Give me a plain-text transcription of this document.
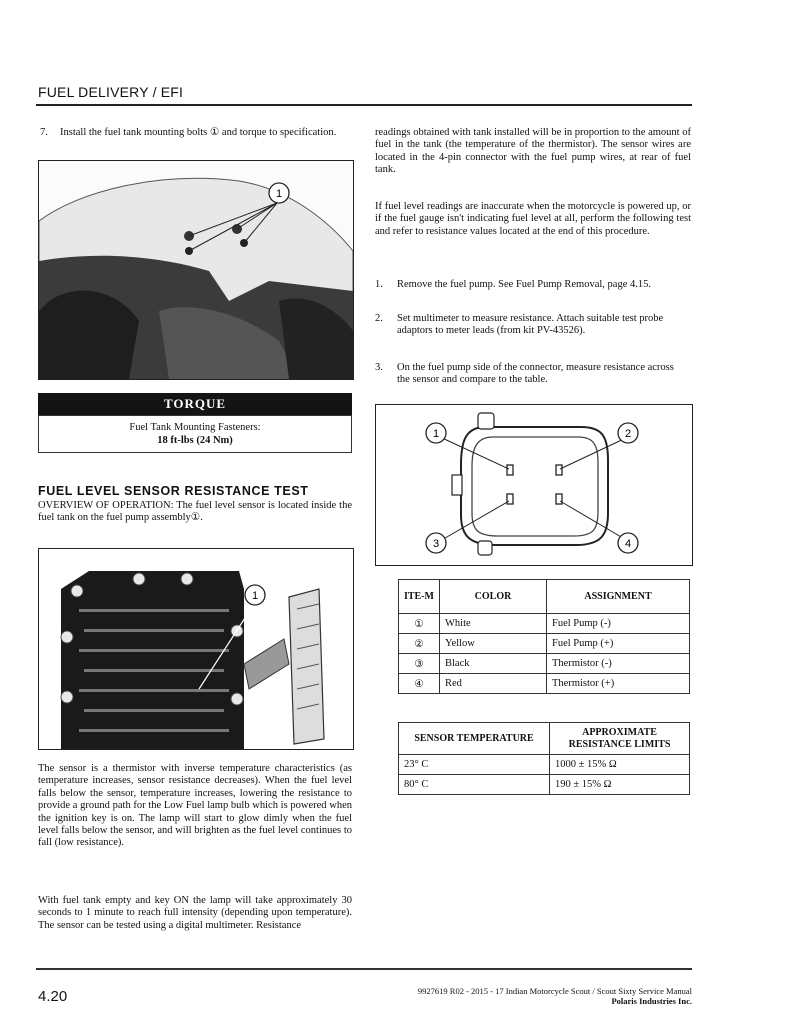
FUEL DELIVERY / EFI
7. Install the fuel tank mounting bolts ① and torque to specification.
1
TORQUE
Fuel Tank Mounting Fasteners:
18 ft-lbs (24 Nm)
FUEL LEVEL SENSOR RESISTANCE TEST
OVERVIEW OF OPERATION: The fuel level sensor is located inside the fuel tank on the fuel pump assembly①.
1
The sensor is a thermistor with inverse temperature characteristics (as temperature increases, sensor resistance decreases). When the fuel level falls below the sensor, temperature increases, lowering the resistance to provide a ground path for the Low Fuel lamp bulb which is powered when the ignition key is on. The lamp will start to glow dimly when the fuel level falls below the sensor, and will brighten as the fuel level continues to fall (low resistance).
With fuel tank empty and key ON the lamp will take approximately 30 seconds to 1 minute to reach full intensity (depending upon temperature). The sensor can be tested using a digital multimeter. Resistance
readings obtained with tank installed will be in proportion to the amount of fuel in the tank (the temperature of the thermistor). The sensor wires are located in the 4-pin connector with the fuel pump wires, at rear of fuel tank.
If fuel level readings are inaccurate when the motorcycle is powered up, or if the fuel gauge isn't indicating fuel level at all, perform the following test and refer to resistance values located at the end of this procedure.
1. Remove the fuel pump. See Fuel Pump Removal, page 4.15.
2. Set multimeter to measure resistance. Attach suitable test probe adaptors to meter leads (from kit PV-43526).
3. On the fuel pump side of the connector, measure resistance across the sensor and compare to the table.
1	2
3	4
ITE-M	COLOR	ASSIGNMENT
①	White	Fuel Pump (-)
②	Yellow	Fuel Pump (+)
③	Black	Thermistor (-)
④	Red	Thermistor (+)
SENSOR TEMPERATURE	APPROXIMATE RESISTANCE LIMITS
23° C	1000 ± 15% Ω
80° C	190 ± 15% Ω
4.20	9927619 R02 - 2015 - 17 Indian Motorcycle Scout / Scout Sixty Service Manual
Polaris Industries Inc.
